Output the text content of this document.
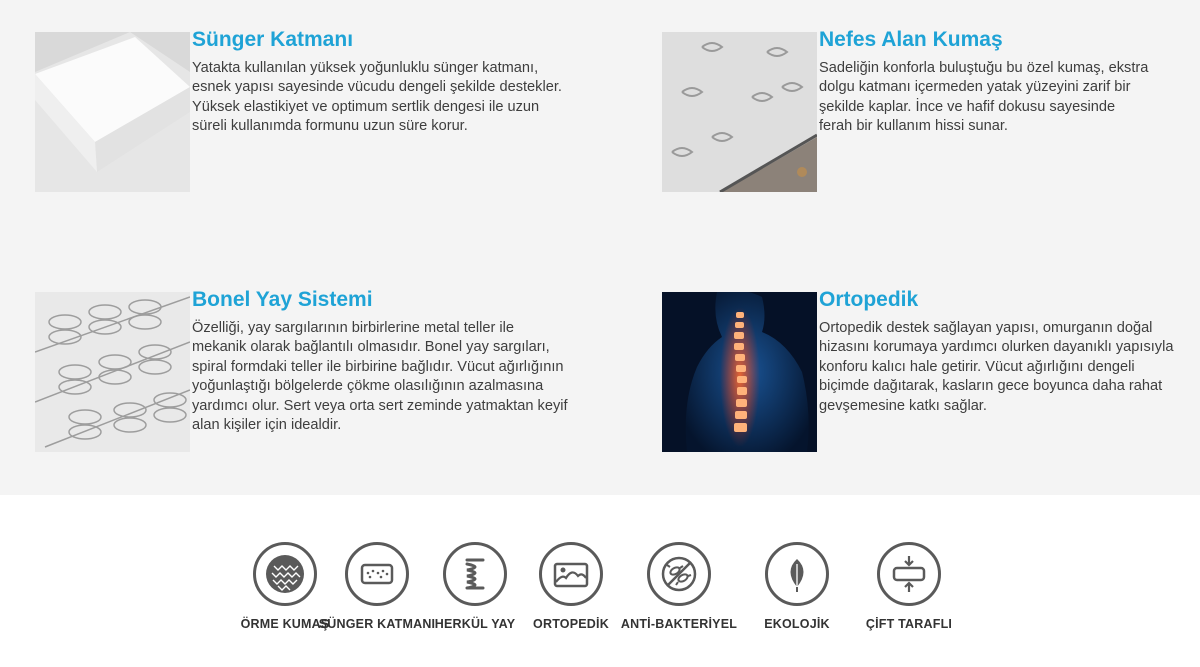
Sünger Katmanı
Yatakta kullanılan yüksek yoğunluklu sünger katmanı, esnek yapısı sayesinde vücudu dengeli şekilde destekler. Yüksek elastikiyet ve optimum sertlik dengesi ile uzun süreli kullanımda formunu uzun süre korur.
Nefes Alan Kumaş
Sadeliğin konforla buluştuğu bu özel kumaş, ekstra dolgu katmanı içermeden yatak yüzeyini zarif bir şekilde kaplar. İnce ve hafif dokusu sayesinde ferah bir kullanım hissi sunar.
Bonel Yay Sistemi
Özelliği, yay sargılarının birbirlerine metal teller ile mekanik olarak bağlantılı olmasıdır. Bonel yay sargıları, spiral formdaki teller ile birbirine bağlıdır. Vücut ağırlığının yoğunlaştığı bölgelerde çökme olasılığının azalmasına yardımcı olur. Sert veya orta sert zeminde yatmaktan keyif alan kişiler için idealdir.
Ortopedik
Ortopedik destek sağlayan yapısı, omurganın doğal hizasını korumaya yardımcı olurken dayanıklı yapısıyla konforu kalıcı hale getirir. Vücut ağırlığını dengeli biçimde dağıtarak, kasların gece boyunca daha rahat gevşemesine katkı sağlar.
ÖRME KUMAŞ
SÜNGER KATMANI HERKÜL YAY	ORTOPEDİK ANTİ-BAKTERİYEL	EKOLOJİK	ÇİFT TARAFLI
